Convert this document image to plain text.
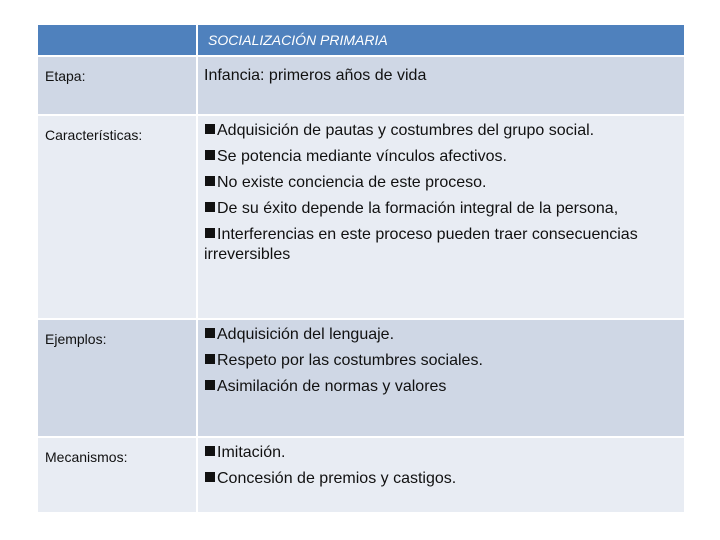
	SOCIALIZACIÓN PRIMARIA
Etapa:	Infancia: primeros años de vida

Características:	Adquisición de pautas y costumbres del grupo social.
Se potencia mediante vínculos afectivos.
No existe conciencia de este proceso.
De su éxito depende la formación integral de la persona,
Interferencias en este proceso pueden traer consecuencias irreversibles

Ejemplos:	Adquisición del lenguaje.
Respeto por las costumbres sociales.
Asimilación de normas y valores

Mecanismos:	Imitación.
Concesión de premios y castigos.
